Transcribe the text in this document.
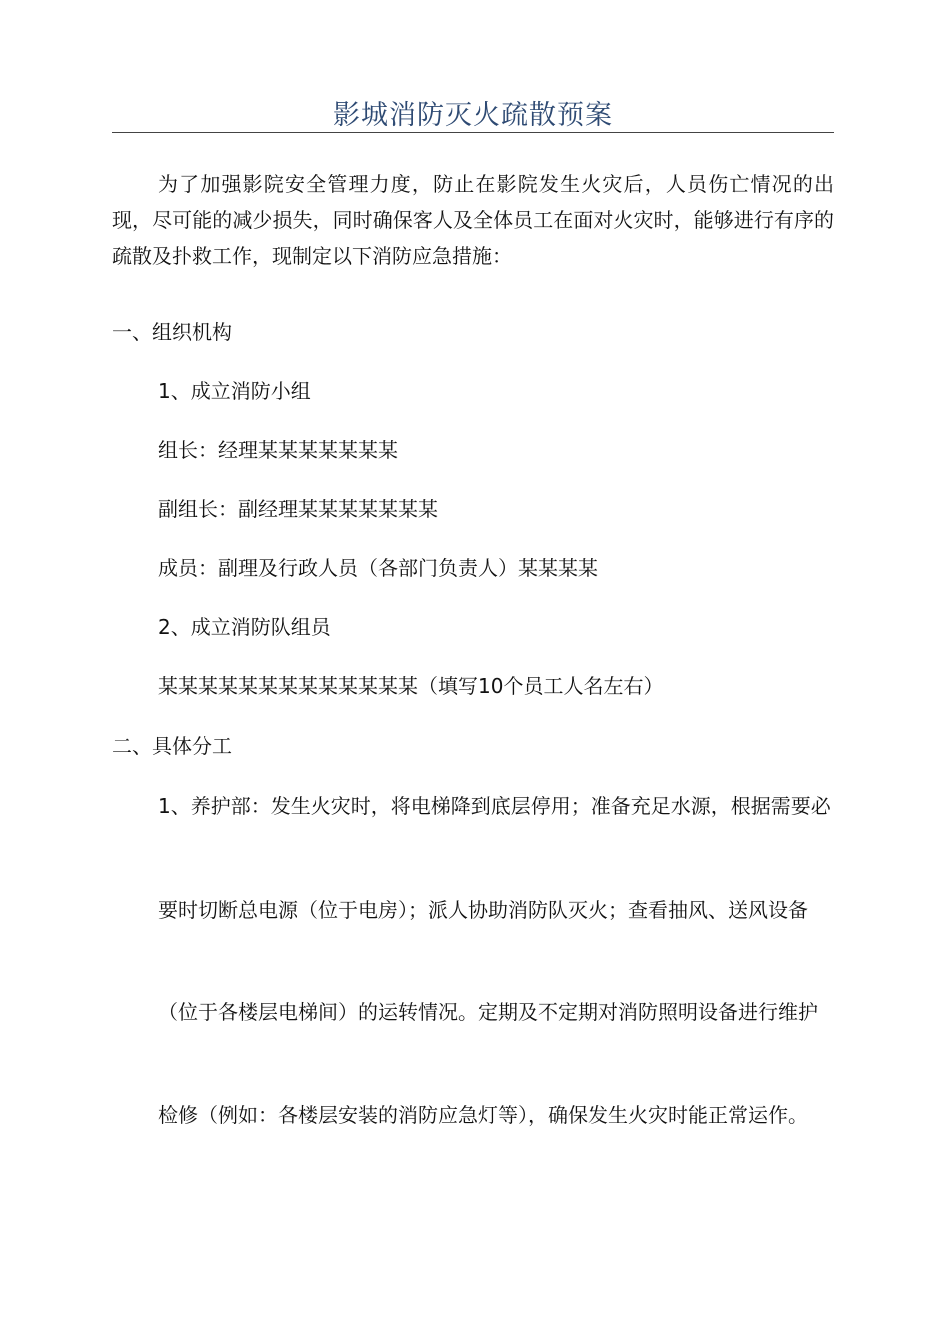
影城消防灭火疏散预案

为了加强影院安全管理力度，防止在影院发生火灾后，人员伤亡情况的出现，尽可能的减少损失，同时确保客人及全体员工在面对火灾时，能够进行有序的疏散及扑救工作，现制定以下消防应急措施：

一、组织机构

1、成立消防小组

组长：经理某某某某某某某

副组长：副经理某某某某某某某

成员：副理及行政人员（各部门负责人）某某某某

2、成立消防队组员

某某某某某某某某某某某某某（填写10个员工人名左右）

二、具体分工

1、养护部：发生火灾时，将电梯降到底层停用；准备充足水源，根据需要必

要时切断总电源（位于电房）；派人协助消防队灭火；查看抽风、送风设备

（位于各楼层电梯间）的运转情况。定期及不定期对消防照明设备进行维护

检修（例如：各楼层安装的消防应急灯等），确保发生火灾时能正常运作。
